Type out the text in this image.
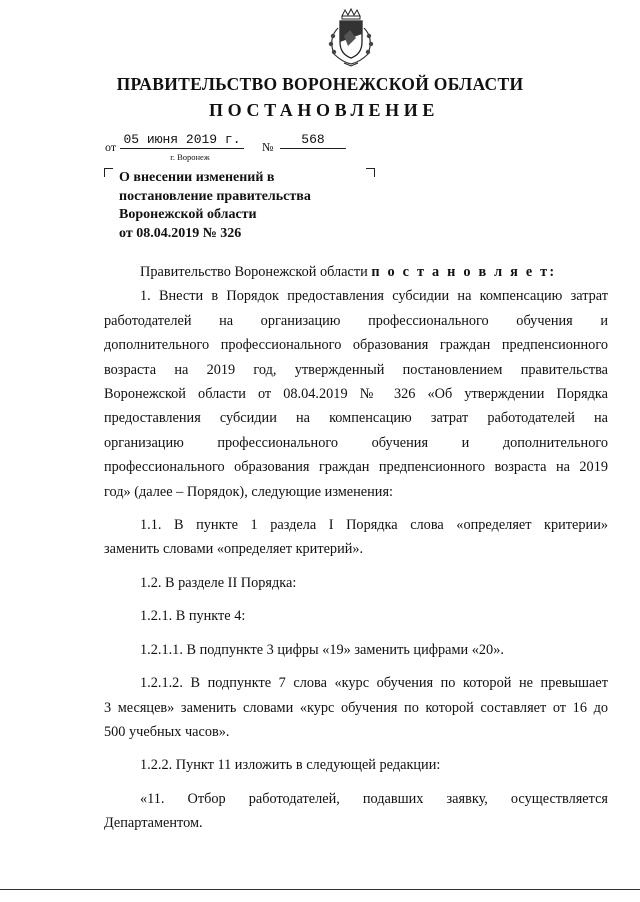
ПРАВИТЕЛЬСТВО ВОРОНЕЖСКОЙ ОБЛАСТИ
ПОСТАНОВЛЕНИЕ
от 05 июня 2019 г. №	568
г. Воронеж
О внесении изменений в
постановление правительства
Воронежской области
от 08.04.2019 № 326

Правительство Воронежской области п о с т а н о в л я е т:

1. Внести в Порядок предоставления субсидии на компенсацию затрат
работодателей на организацию профессионального обучения и
дополнительного профессионального образования граждан предпенсионного
возраста на 2019 год, утвержденный постановлением правительства
Воронежской области от 08.04.2019 № 326 «Об утверждении Порядка
предоставления субсидии на компенсацию затрат работодателей на
организацию профессионального обучения и дополнительного
профессионального образования граждан предпенсионного возраста на 2019
год» (далее – Порядок), следующие изменения:

1.1. В пункте 1 раздела I Порядка слова «определяет критерии»
заменить словами «определяет критерий».

1.2. В разделе II Порядка:

1.2.1. В пункте 4:

1.2.1.1. В подпункте 3 цифры «19» заменить цифрами «20».

1.2.1.2. В подпункте 7 слова «курс обучения по которой не превышает
3 месяцев» заменить словами «курс обучения по которой составляет от 16 до
500 учебных часов».

1.2.2. Пункт 11 изложить в следующей редакции:

«11. Отбор работодателей, подавших заявку, осуществляется
Департаментом.
